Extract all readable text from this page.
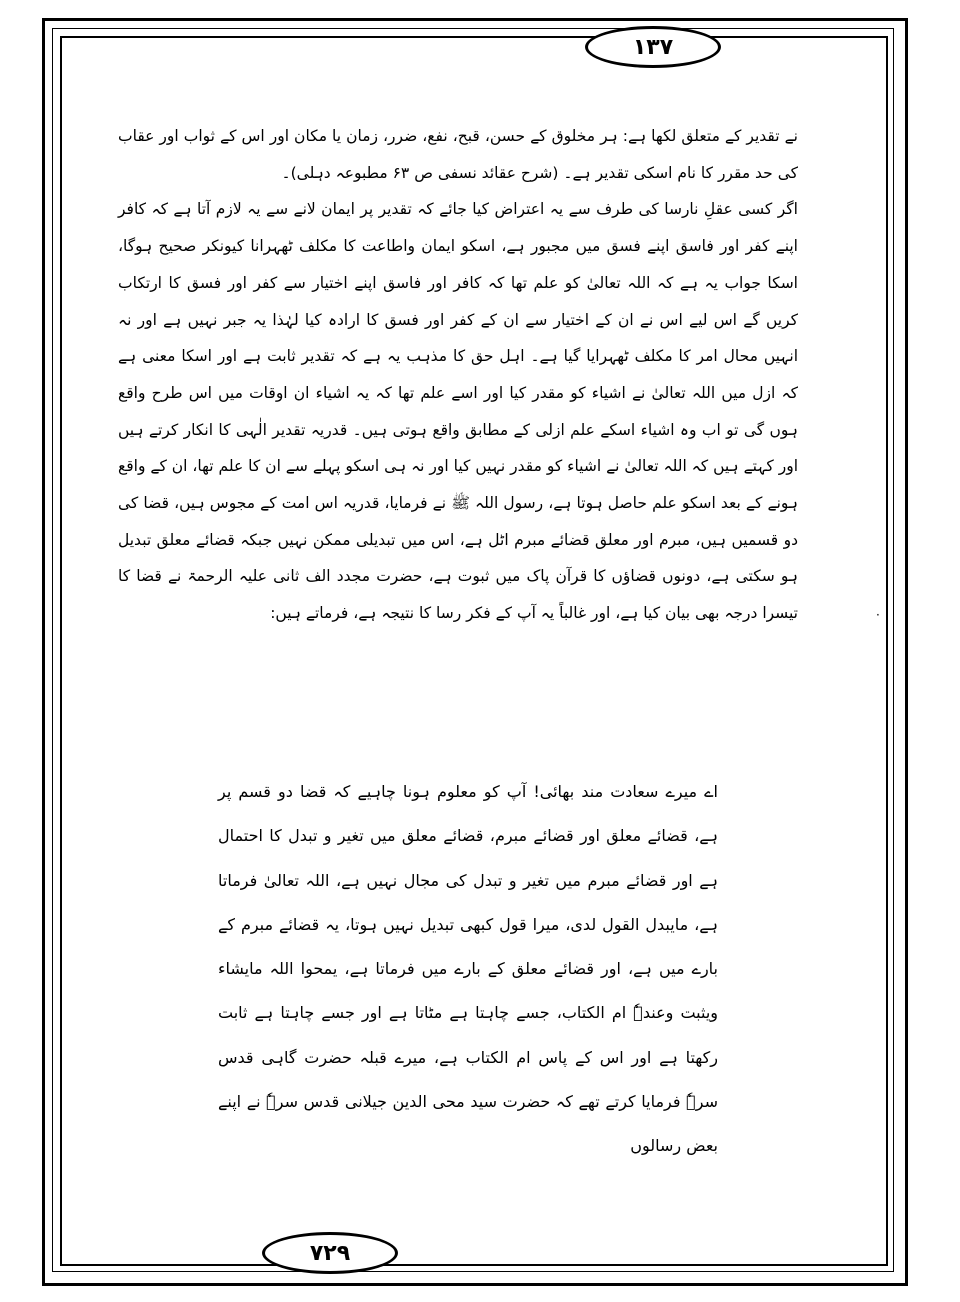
۱۳۷

نے تقدیر کے متعلق لکھا ہے: ہر مخلوق کے حسن، قبح، نفع، ضرر، زمان یا مکان اور اس کے ثواب اور عقاب کی حد مقرر کا نام اسکی تقدیر ہے۔ (شرح عقائد نسفی ص ۶۳ مطبوعہ دہلی)۔

اگر کسی عقلِ نارسا کی طرف سے یہ اعتراض کیا جائے کہ تقدیر پر ایمان لانے سے یہ لازم آتا ہے کہ کافر اپنے کفر اور فاسق اپنے فسق میں مجبور ہے، اسکو ایمان واطاعت کا مکلف ٹھہرانا کیونکر صحیح ہوگا، اسکا جواب یہ ہے کہ اللہ تعالیٰ کو علم تھا کہ کافر اور فاسق اپنے اختیار سے کفر اور فسق کا ارتکاب کریں گے اس لیے اس نے ان کے اختیار سے ان کے کفر اور فسق کا ارادہ کیا لہٰذا یہ جبر نہیں ہے اور نہ انہیں محال امر کا مکلف ٹھہرایا گیا ہے۔ اہل حق کا مذہب یہ ہے کہ تقدیر ثابت ہے اور اسکا معنی ہے کہ ازل میں اللہ تعالیٰ نے اشیاء کو مقدر کیا اور اسے علم تھا کہ یہ اشیاء ان اوقات میں اس طرح واقع ہوں گی تو اب وہ اشیاء اسکے علم ازلی کے مطابق واقع ہوتی ہیں۔ قدریہ تقدیر الٰہی کا انکار کرتے ہیں اور کہتے ہیں کہ اللہ تعالیٰ نے اشیاء کو مقدر نہیں کیا اور نہ ہی اسکو پہلے سے ان کا علم تھا، ان کے واقع ہونے کے بعد اسکو علم حاصل ہوتا ہے، رسول اللہ ﷺ نے فرمایا، قدریہ اس امت کے مجوس ہیں، قضا کی دو قسمیں ہیں، مبرم اور معلق قضائے مبرم اٹل ہے، اس میں تبدیلی ممکن نہیں جبکہ قضائے معلق تبدیل ہو سکتی ہے، دونوں قضاؤں کا قرآن پاک میں ثبوت ہے، حضرت مجدد الف ثانی علیہ الرحمۃ نے قضا کا تیسرا درجہ بھی بیان کیا ہے، اور غالباً یہ آپ کے فکر رسا کا نتیجہ ہے، فرماتے ہیں:

اے میرے سعادت مند بھائی! آپ کو معلوم ہونا چاہیے کہ قضا دو قسم پر ہے، قضائے معلق اور قضائے مبرم، قضائے معلق میں تغیر و تبدل کا احتمال ہے اور قضائے مبرم میں تغیر و تبدل کی مجال نہیں ہے، اللہ تعالیٰ فرماتا ہے، مایبدل القول لدی، میرا قول کبھی تبدیل نہیں ہوتا، یہ قضائے مبرم کے بارے میں ہے، اور قضائے معلق کے بارے میں فرماتا ہے، یمحوا اللہ مایشاء ویثبت وعندہٗ ام الکتاب، جسے چاہتا ہے مٹاتا ہے اور جسے چاہتا ہے ثابت رکھتا ہے اور اس کے پاس ام الکتاب ہے، میرے قبلہ حضرت گاہی قدس سرہٗ فرمایا کرتے تھے کہ حضرت سید محی الدین جیلانی قدس سرہٗ نے اپنے بعض رسالوں

·
۷۲۹
